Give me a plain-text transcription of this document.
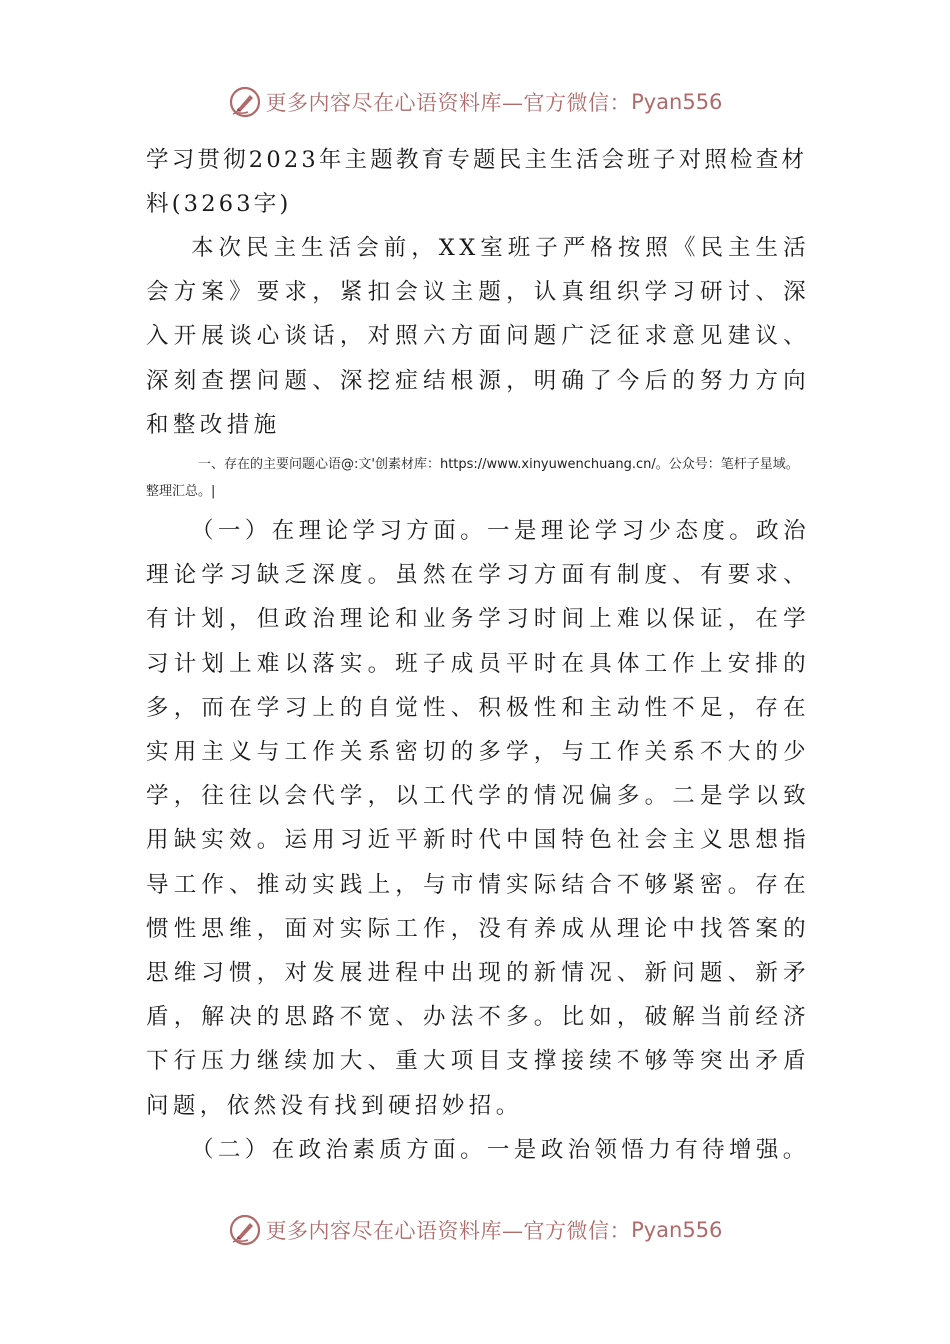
更多内容尽在心语资料库—官方微信： Pyan556

学习贯彻2023年主题教育专题民主生活会班子对照检查材料(3263字)

本次民主生活会前，XX室班子严格按照《民主生活会方案》要求，紧扣会议主题，认真组织学习研讨、深入开展谈心谈话，对照六方面问题广泛征求意见建议、深刻查摆问题、深挖症结根源，明确了今后的努力方向和整改措施

一、存在的主要问题心语@:文'创素材库：https://www.xinyuwenchuang.cn/。公众号：笔杆子星域。整理汇总。|

（一）在理论学习方面。一是理论学习少态度。政治理论学习缺乏深度。虽然在学习方面有制度、有要求、有计划，但政治理论和业务学习时间上难以保证，在学习计划上难以落实。班子成员平时在具体工作上安排的多，而在学习上的自觉性、积极性和主动性不足，存在实用主义与工作关系密切的多学，与工作关系不大的少学，往往以会代学，以工代学的情况偏多。二是学以致用缺实效。运用习近平新时代中国特色社会主义思想指导工作、推动实践上，与市情实际结合不够紧密。存在惯性思维，面对实际工作，没有养成从理论中找答案的思维习惯，对发展进程中出现的新情况、新问题、新矛盾，解决的思路不宽、办法不多。比如，破解当前经济下行压力继续加大、重大项目支撑接续不够等突出矛盾问题，依然没有找到硬招妙招。

（二）在政治素质方面。一是政治领悟力有待增强。

更多内容尽在心语资料库—官方微信： Pyan556
